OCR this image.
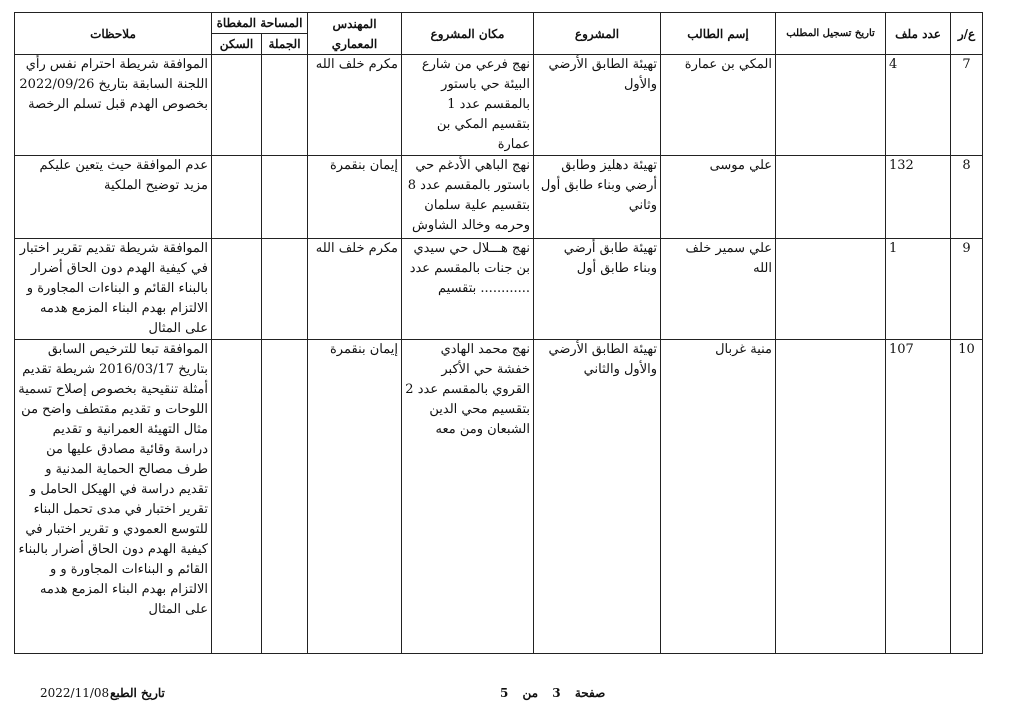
ع/ر	عدد ملف	تاريخ تسجيل المطلب	إسم الطالب	المشروع	مكان المشروع	المهندس المعماري	المساحة المغطاة		ملاحظات
							الجملة	السكن	
7	4		المكي بن عمارة	تهيئة الطابق الأرضي والأول	نهج فرعي من شارع البيئة حي باستور بالمقسم عدد 1 بتقسيم المكي بن عمارة	مكرم خلف الله			الموافقة شريطة احترام نفس رأي اللجنة السابقة بتاريخ 2022/09/26 بخصوص الهدم قبل تسلم الرخصة
8	132		علي موسى	تهيئة دهليز وطابق أرضي وبناء طابق أول وثاني	نهج الباهي الأدغم حي باستور بالمقسم عدد 8 بتقسيم علية سلمان وحرمه وخالد الشاوش	إيمان بنقمرة			عدم الموافقة حيث يتعين عليكم مزيد توضيح الملكية
9	1		علي سمير خلف الله	تهيئة طابق أرضي وبناء طابق أول	نهج هـــلال حي سيدي بن جنات بالمقسم عدد ............ بتقسيم	مكرم خلف الله			الموافقة شريطة تقديم تقرير اختبار في كيفية الهدم دون الحاق أضرار بالبناء القائم و البناءات المجاورة و الالتزام بهدم البناء المزمع هدمه على المثال
10	107		منية غربال	تهيئة الطابق الأرضي والأول والثاني	نهج محمد الهادي خفشة حي الأكبر القروي بالمقسم عدد 2 بتقسيم محي الدين الشبعان ومن معه	إيمان بنقمرة			الموافقة تبعا للترخيص السابق بتاريخ 2016/03/17 شريطة تقديم أمثلة تنقيحية بخصوص إصلاح تسمية اللوحات و تقديم مقتطف واضح من مثال التهيئة العمرانية و تقديم دراسة وقائية مصادق عليها من طرف مصالح الحماية المدنية و تقديم دراسة في الهيكل الحامل و تقرير اختبار في مدى تحمل البناء للتوسع العمودي و تقرير اختبار في كيفية الهدم دون الحاق أضرار بالبناء القائم و البناءات المجاورة و و الالتزام بهدم البناء المزمع هدمه على المثال
2022/11/08 تاريخ الطبع	صفحة 3 من 5
